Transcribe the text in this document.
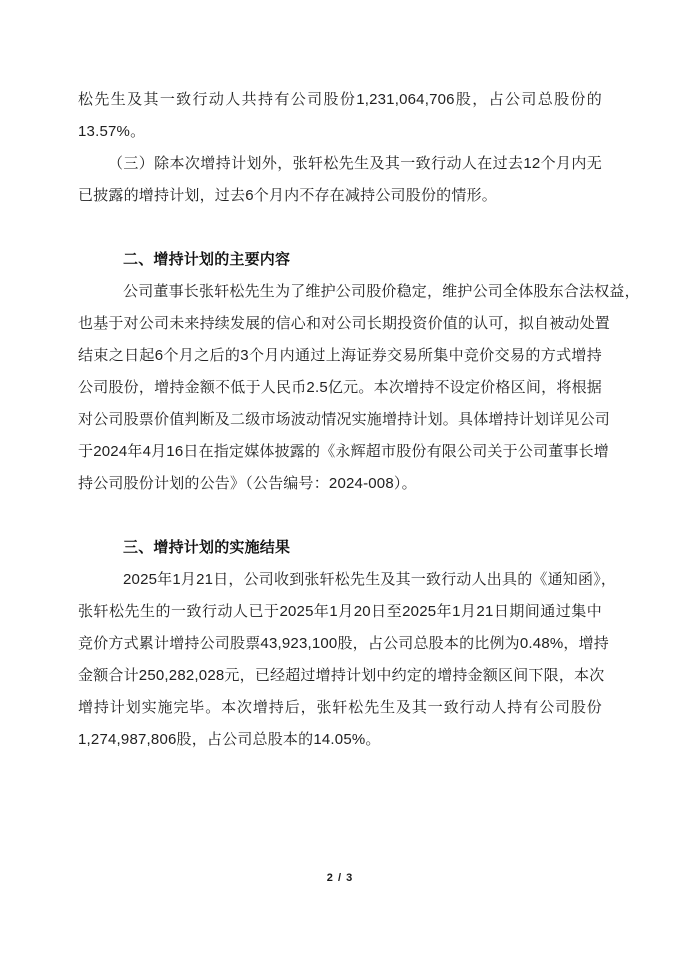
松先生及其一致行动人共持有公司股份1,231,064,706股，占公司总股份的
13.57%。
（三）除本次增持计划外，张轩松先生及其一致行动人在过去12个月内无
已披露的增持计划，过去6个月内不存在减持公司股份的情形。
二、增持计划的主要内容
公司董事长张轩松先生为了维护公司股价稳定，维护公司全体股东合法权益，
也基于对公司未来持续发展的信心和对公司长期投资价值的认可，拟自被动处置
结束之日起6个月之后的3个月内通过上海证券交易所集中竞价交易的方式增持
公司股份，增持金额不低于人民币2.5亿元。本次增持不设定价格区间，将根据
对公司股票价值判断及二级市场波动情况实施增持计划。具体增持计划详见公司
于2024年4月16日在指定媒体披露的《永辉超市股份有限公司关于公司董事长增
持公司股份计划的公告》（公告编号：2024-008）。
三、增持计划的实施结果
2025年1月21日，公司收到张轩松先生及其一致行动人出具的《通知函》，
张轩松先生的一致行动人已于2025年1月20日至2025年1月21日期间通过集中
竞价方式累计增持公司股票43,923,100股，占公司总股本的比例为0.48%，增持
金额合计250,282,028元，已经超过增持计划中约定的增持金额区间下限，本次
增持计划实施完毕。本次增持后，张轩松先生及其一致行动人持有公司股份
1,274,987,806股，占公司总股本的14.05%。
2 / 3
